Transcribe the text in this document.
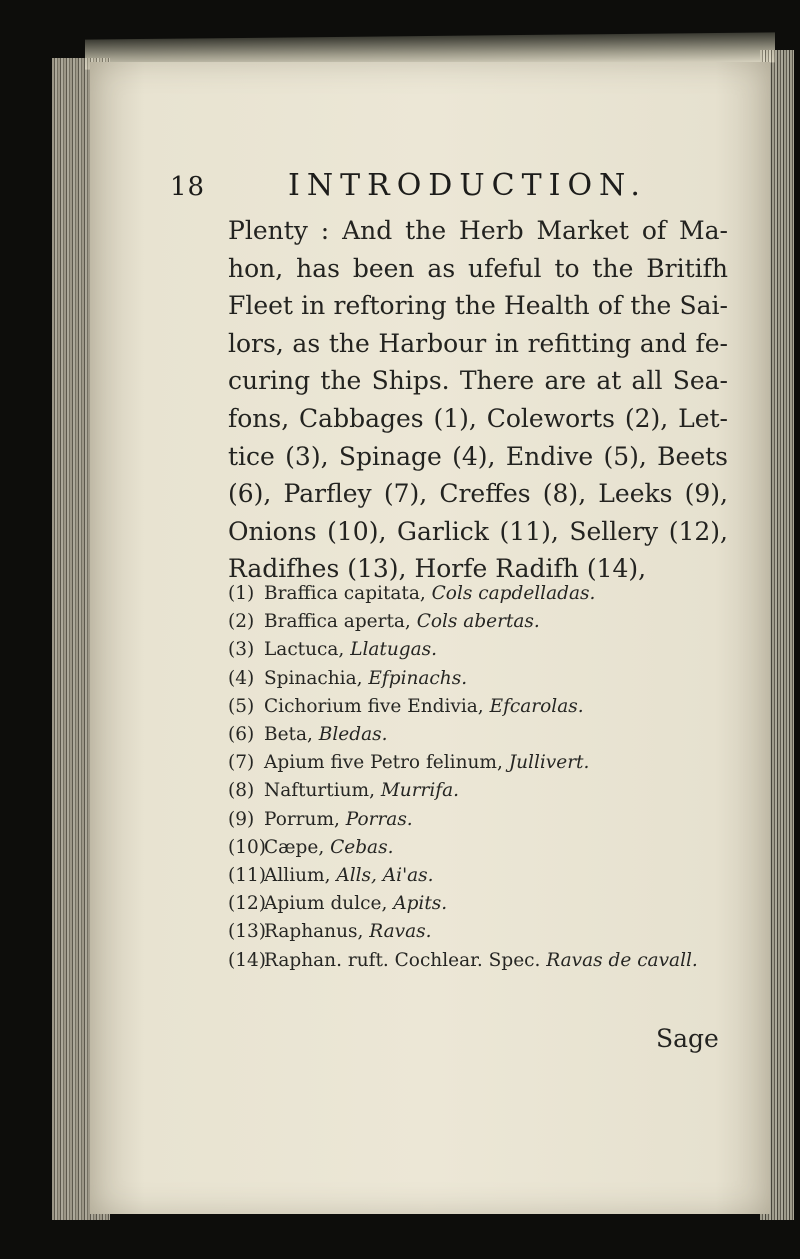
18	INTRODUCTION.
Plenty : And the Herb Market of Ma-
hon, has been as ufeful to the Britifh
Fleet in reftoring the Health of the Sai-
lors, as the Harbour in refitting and fe-
curing the Ships. There are at all Sea-
fons, Cabbages (1), Coleworts (2), Let-
tice (3), Spinage (4), Endive (5), Beets
(6), Parfley (7), Creffes (8), Leeks (9),
Onions (10), Garlick (11), Sellery (12),
Radifhes (13), Horfe Radifh (14),
(1) Braffica capitata, Cols capdelladas.
(2) Braffica aperta, Cols abertas.
(3) Lactuca, Llatugas.
(4) Spinachia, Efpinachs.
(5) Cichorium five Endivia, Efcarolas.
(6) Beta, Bledas.
(7) Apium five Petro felinum, Jullivert.
(8) Nafturtium, Murrifa.
(9) Porrum, Porras.
(10)Cæpe, Cebas.
(11)Allium, Alls, Ai'as.
(12)Apium dulce, Apits.
(13)Raphanus, Ravas.
(14)Raphan. ruft. Cochlear. Spec. Ravas de cavall.
Sage
